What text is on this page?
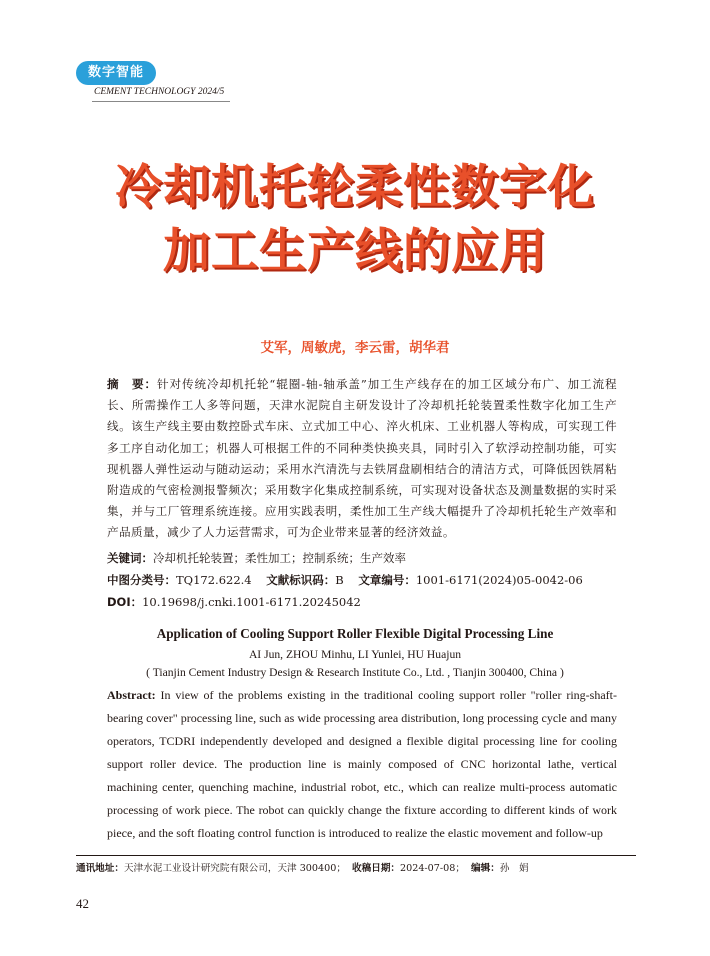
数字智能
CEMENT TECHNOLOGY 2024/5
冷却机托轮柔性数字化
加工生产线的应用
艾军，周敏虎，李云雷，胡华君
摘　要：针对传统冷却机托轮“辊圈-轴-轴承盖”加工生产线存在的加工区域分布广、加工流程长、所需操作工人多等问题，天津水泥院自主研发设计了冷却机托轮装置柔性数字化加工生产线。该生产线主要由数控卧式车床、立式加工中心、淬火机床、工业机器人等构成，可实现工件多工序自动化加工；机器人可根据工件的不同种类快换夹具，同时引入了软浮动控制功能，可实现机器人弹性运动与随动运动；采用水汽清洗与去铁屑盘刷相结合的清洁方式，可降低因铁屑粘附造成的气密检测报警频次；采用数字化集成控制系统，可实现对设备状态及测量数据的实时采集，并与工厂管理系统连接。应用实践表明，柔性加工生产线大幅提升了冷却机托轮生产效率和产品质量，减少了人力运营需求，可为企业带来显著的经济效益。
关键词：冷却机托轮装置；柔性加工；控制系统；生产效率
中图分类号：TQ172.622.4 文献标识码：B 文章编号：1001-6171(2024)05-0042-06
DOI：10.19698/j.cnki.1001-6171.20245042
Application of Cooling Support Roller Flexible Digital Processing Line
AI Jun, ZHOU Minhu, LI Yunlei, HU Huajun
( Tianjin Cement Industry Design & Research Institute Co., Ltd. , Tianjin 300400, China )
Abstract: In view of the problems existing in the traditional cooling support roller "roller ring-shaft-bearing cover" processing line, such as wide processing area distribution, long processing cycle and many operators, TCDRI independently developed and designed a flexible digital processing line for cooling support roller device. The production line is mainly composed of CNC horizontal lathe, vertical machining center, quenching machine, industrial robot, etc., which can realize multi-process automatic processing of work piece. The robot can quickly change the fixture according to different kinds of work piece, and the soft floating control function is introduced to realize the elastic movement and follow-up
通讯地址：天津水泥工业设计研究院有限公司，天津 300400； 收稿日期：2024-07-08； 编辑：孙　娟
42
